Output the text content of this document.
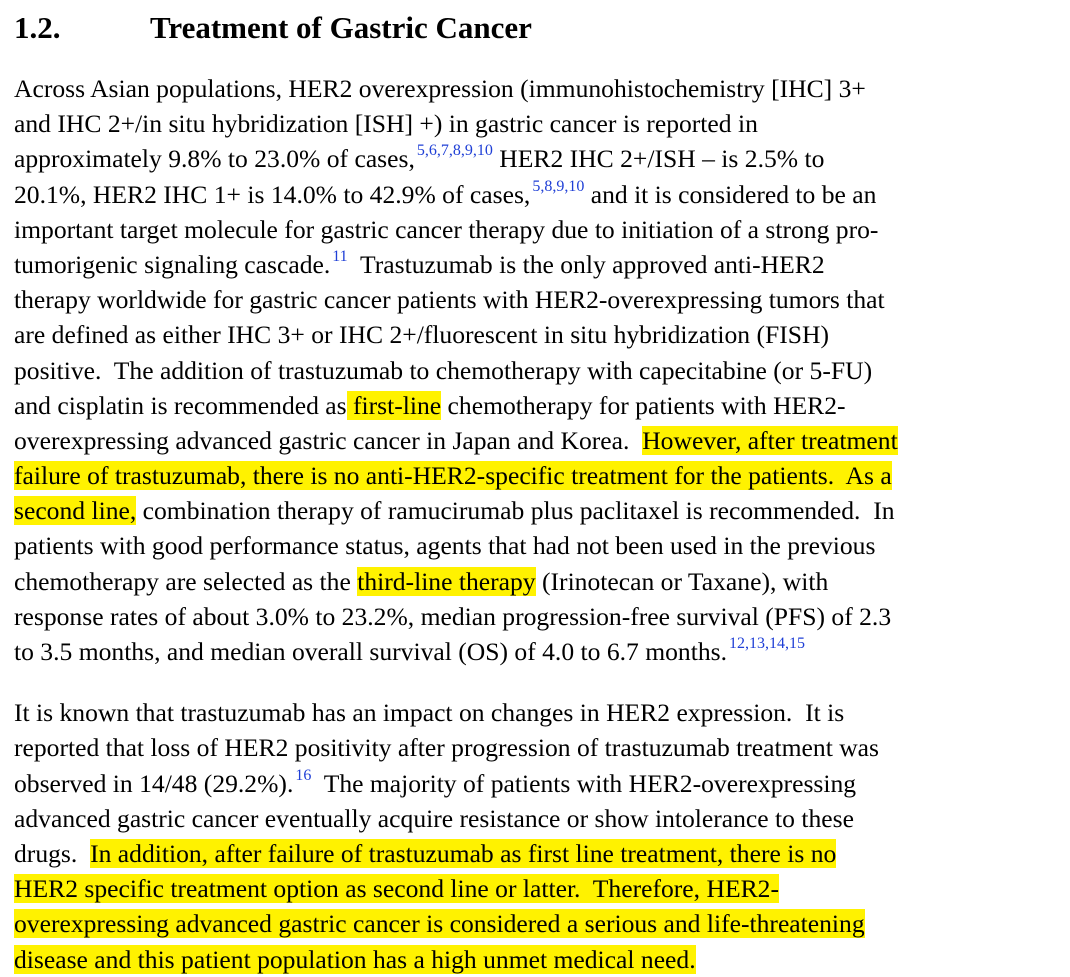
1.2.	Treatment of Gastric Cancer

Across Asian populations, HER2 overexpression (immunohistochemistry [IHC] 3+
and IHC 2+/in situ hybridization [ISH] +) in gastric cancer is reported in
approximately 9.8% to 23.0% of cases, $^{5,6,7,8,9,10}$ HER2 IHC 2+/ISH – is 2.5% to
20.1%, HER2 IHC 1+ is 14.0% to 42.9% of cases, $^{5,8,9,10}$ and it is considered to be an
important target molecule for gastric cancer therapy due to initiation of a strong pro-
tumorigenic signaling cascade. $^{11}$  Trastuzumab is the only approved anti-HER2
therapy worldwide for gastric cancer patients with HER2-overexpressing tumors that
are defined as either IHC 3+ or IHC 2+/fluorescent in situ hybridization (FISH)
positive.  The addition of trastuzumab to chemotherapy with capecitabine (or 5-FU)
and cisplatin is recommended as first-line chemotherapy for patients with HER2-
overexpressing advanced gastric cancer in Japan and Korea.  However, after treatment
failure of trastuzumab, there is no anti-HER2-specific treatment for the patients.  As a
second line, combination therapy of ramucirumab plus paclitaxel is recommended.  In
patients with good performance status, agents that had not been used in the previous
chemotherapy are selected as the third-line therapy (Irinotecan or Taxane), with
response rates of about 3.0% to 23.2%, median progression-free survival (PFS) of 2.3
to 3.5 months, and median overall survival (OS) of 4.0 to 6.7 months. $^{12,13,14,15}$

It is known that trastuzumab has an impact on changes in HER2 expression.  It is
reported that loss of HER2 positivity after progression of trastuzumab treatment was
observed in 14/48 (29.2%). $^{16}$  The majority of patients with HER2-overexpressing
advanced gastric cancer eventually acquire resistance or show intolerance to these
drugs.  In addition, after failure of trastuzumab as first line treatment, there is no
HER2 specific treatment option as second line or latter.  Therefore, HER2-
overexpressing advanced gastric cancer is considered a serious and life-threatening
disease and this patient population has a high unmet medical need.
